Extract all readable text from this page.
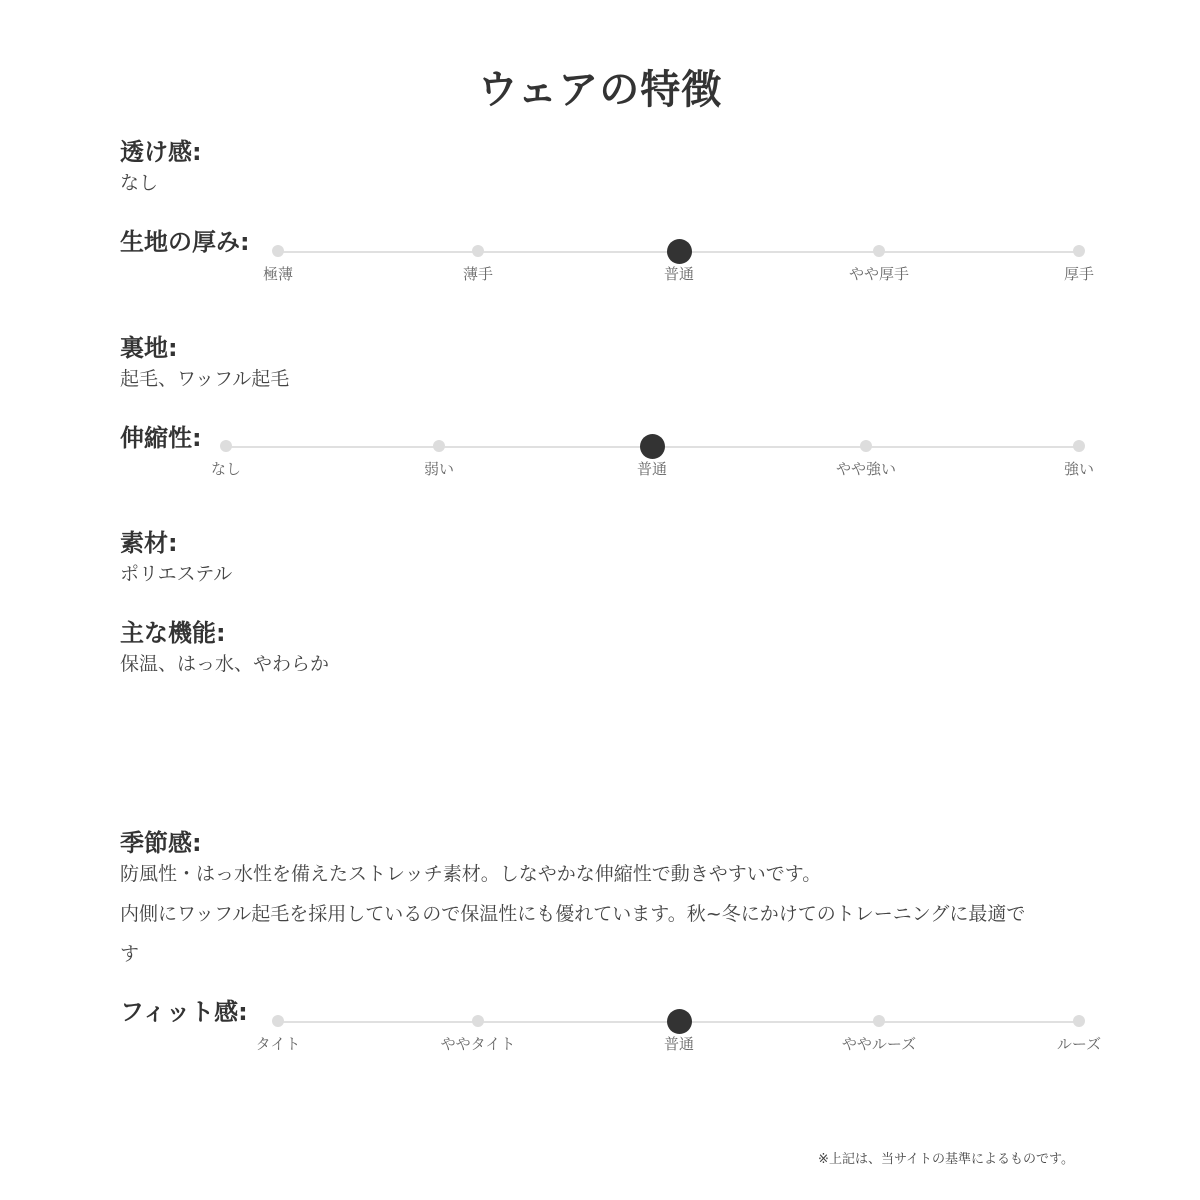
ウェアの特徴
透け感:
なし
生地の厚み:
極薄	薄手	普通	やや厚手	厚手
裏地:
起毛、ワッフル起毛
伸縮性:
なし	弱い	普通	やや強い	強い
素材:
ポリエステル
主な機能:
保温、はっ水、やわらか
季節感:
防風性・はっ水性を備えたストレッチ素材。しなやかな伸縮性で動きやすいです。
内側にワッフル起毛を採用しているので保温性にも優れています。秋~冬にかけてのトレーニングに最適で
す
フィット感:
タイト	ややタイト	普通	ややルーズ	ルーズ
※上記は、当サイトの基準によるものです。
